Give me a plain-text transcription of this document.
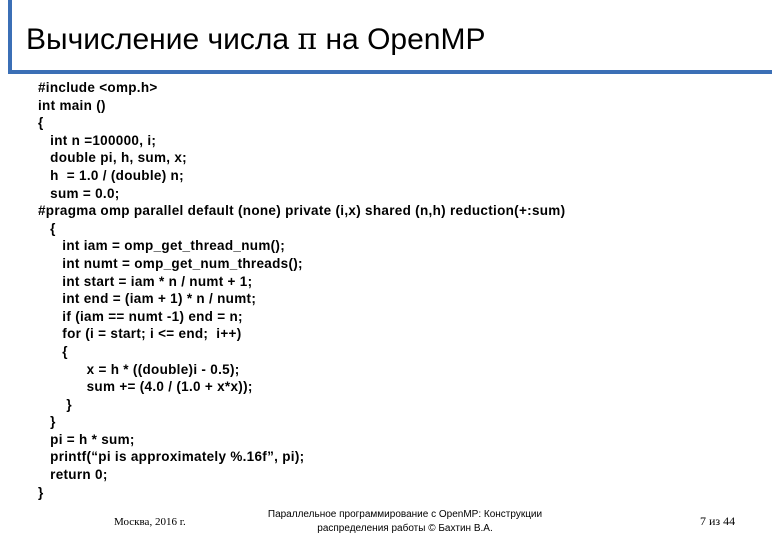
Вычисление числа π на OpenMP
#include <omp.h>
int main ()
{
int n =100000, i;
double pi, h, sum, x;
h  = 1.0 / (double) n;
sum = 0.0;
#pragma omp parallel default (none) private (i,x) shared (n,h) reduction(+:sum)
{
int iam = omp_get_thread_num();
int numt = omp_get_num_threads();
int start = iam * n / numt + 1;
int end = (iam + 1) * n / numt;
if (iam == numt -1) end = n;
for (i = start; i <= end;  i++)
{
x = h * ((double)i - 0.5);
sum += (4.0 / (1.0 + x*x));
}
}
pi = h * sum;
printf(“pi is approximately %.16f”, pi);
return 0;
}
Москва, 2016 г.
Параллельное программирование с OpenMP: Конструкции
распределения работы © Бахтин В.А.
7 из 44
